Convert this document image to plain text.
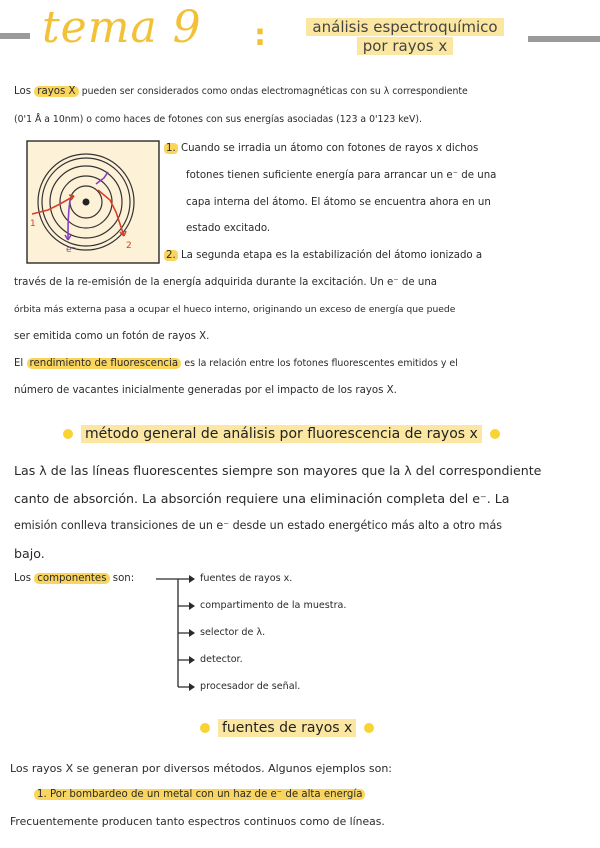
tema 9 :	análisis espectroquímico
por rayos x
Los rayos X pueden ser considerados como ondas electromagnéticas con su λ correspondiente
(0'1 Å a 10nm) o como haces de fotones con sus energías asociadas (123 a 0'123 keV).
1
2
e⁻
1. Cuando se irradia un átomo con fotones de rayos x dichos
fotones tienen suficiente energía para arrancar un e⁻ de una
capa interna del átomo. El átomo se encuentra ahora en un
estado excitado.
2. La segunda etapa es la estabilización del átomo ionizado a
través de la re-emisión de la energía adquirida durante la excitación. Un e⁻ de una
órbita más externa pasa a ocupar el hueco interno, originando un exceso de energía que puede
ser emitida como un fotón de rayos X.
El rendimiento de fluorescencia es la relación entre los fotones fluorescentes emitidos y el
número de vacantes inicialmente generadas por el impacto de los rayos X.
método general de análisis por fluorescencia de rayos x
Las λ de las líneas fluorescentes siempre son mayores que la λ del correspondiente
canto de absorción. La absorción requiere una eliminación completa del e⁻. La
emisión conlleva transiciones de un e⁻ desde un estado energético más alto a otro más
bajo.
Los componentes son:	fuentes de rayos x.
compartimento de la muestra.
selector de λ.
detector.
procesador de señal.
fuentes de rayos x
Los rayos X se generan por diversos métodos. Algunos ejemplos son:
1. Por bombardeo de un metal con un haz de e⁻ de alta energía
Frecuentemente producen tanto espectros continuos como de líneas.
